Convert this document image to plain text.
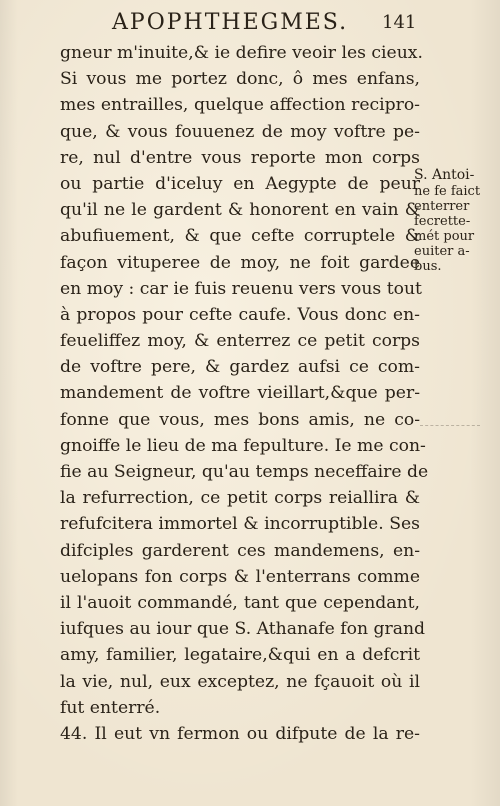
APOPHTHEGMES. 141
gneur m'inuite,& ie defire veoir les cieux.
Si vous me portez donc, ô mes enfans,
mes entrailles, quelque affection recipro-
que, & vous fouuenez de moy voftre pe-
re, nul d'entre vous reporte mon corps
ou partie d'iceluy en Aegypte de peur
qu'il ne le gardent & honorent en vain &
abufiuement, & que cefte corruptele &
façon vituperee de moy, ne foit gardee
en moy : car ie fuis reuenu vers vous tout
à propos pour cefte caufe. Vous donc en-
feueliffez moy, & enterrez ce petit corps
de voftre pere, & gardez aufsi ce com-
mandement de voftre vieillart,&que per-
fonne que vous, mes bons amis, ne co-
gnoiffe le lieu de ma fepulture. Ie me con-
fie au Seigneur, qu'au temps neceffaire de
la refurrection, ce petit corps reiallira &
refufcitera immortel & incorruptible. Ses
difciples garderent ces mandemens, en-
uelopans fon corps & l'enterrans comme
il l'auoit commandé, tant que cependant,
iufques au iour que S. Athanafe fon grand
amy, familier, legataire,&qui en a defcrit
la vie, nul, eux exceptez, ne fçauoit où il
fut enterré.
44. Il eut vn fermon ou difpute de la re-
S. Antoi-
ne fe faict
enterrer
fecrette-
mét pour
euiter a-
bus.
